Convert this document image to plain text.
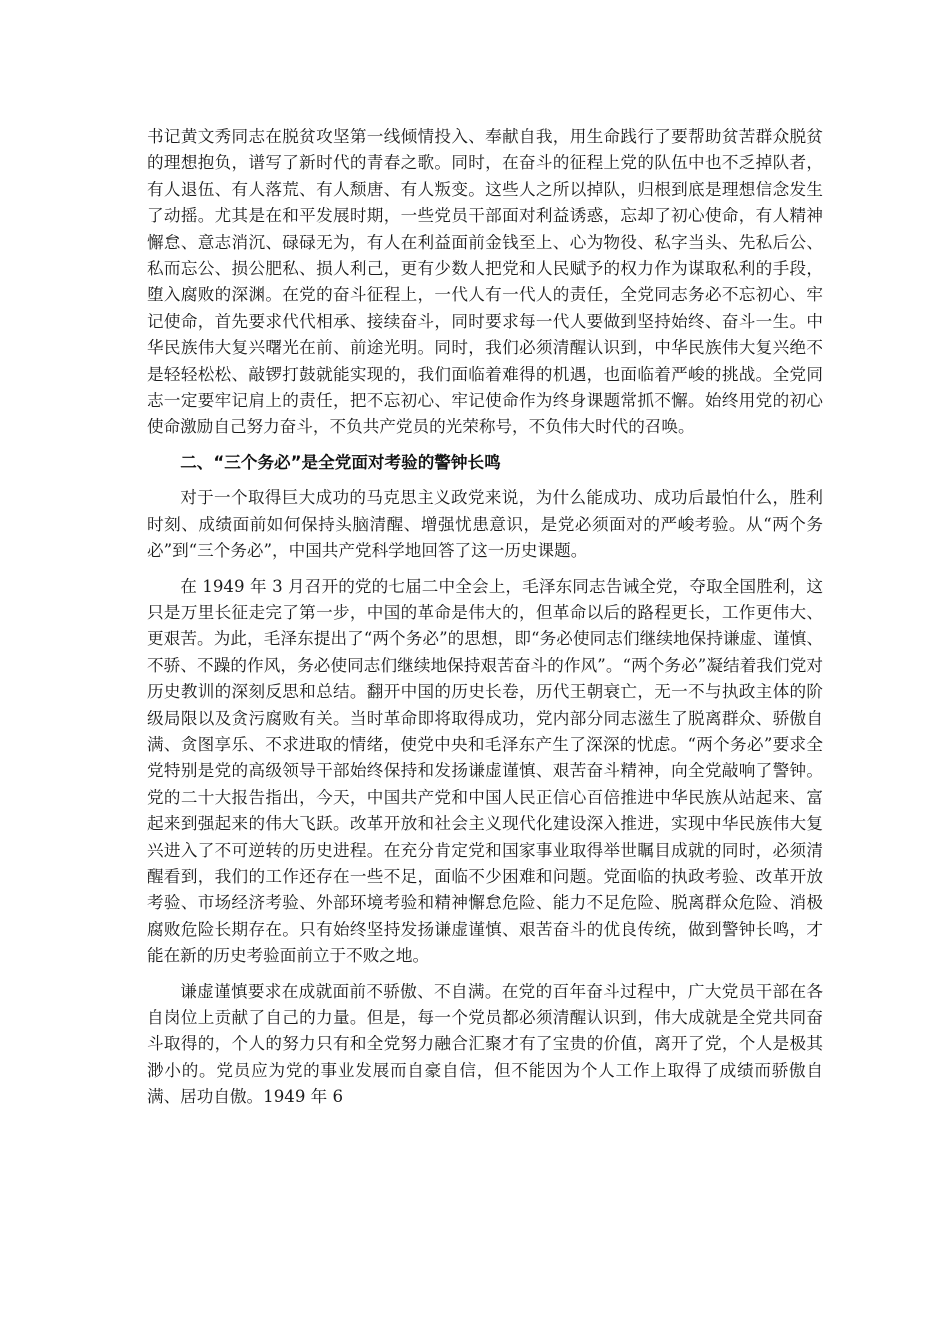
书记黄文秀同志在脱贫攻坚第一线倾情投入、奉献自我，用生命践行了要帮助贫苦群众脱贫的理想抱负，谱写了新时代的青春之歌。同时，在奋斗的征程上党的队伍中也不乏掉队者，有人退伍、有人落荒、有人颓唐、有人叛变。这些人之所以掉队，归根到底是理想信念发生了动摇。尤其是在和平发展时期，一些党员干部面对利益诱惑，忘却了初心使命，有人精神懈怠、意志消沉、碌碌无为，有人在利益面前金钱至上、心为物役、私字当头、先私后公、私而忘公、损公肥私、损人利己，更有少数人把党和人民赋予的权力作为谋取私利的手段，堕入腐败的深渊。在党的奋斗征程上，一代人有一代人的责任，全党同志务必不忘初心、牢记使命，首先要求代代相承、接续奋斗，同时要求每一代人要做到坚持始终、奋斗一生。中华民族伟大复兴曙光在前、前途光明。同时，我们必须清醒认识到，中华民族伟大复兴绝不是轻轻松松、敲锣打鼓就能实现的，我们面临着难得的机遇，也面临着严峻的挑战。全党同志一定要牢记肩上的责任，把不忘初心、牢记使命作为终身课题常抓不懈。始终用党的初心使命激励自己努力奋斗，不负共产党员的光荣称号，不负伟大时代的召唤。

二、“三个务必”是全党面对考验的警钟长鸣

对于一个取得巨大成功的马克思主义政党来说，为什么能成功、成功后最怕什么，胜利时刻、成绩面前如何保持头脑清醒、增强忧患意识，是党必须面对的严峻考验。从“两个务必”到“三个务必”，中国共产党科学地回答了这一历史课题。

在 1949 年 3 月召开的党的七届二中全会上，毛泽东同志告诫全党，夺取全国胜利，这只是万里长征走完了第一步，中国的革命是伟大的，但革命以后的路程更长，工作更伟大、更艰苦。为此，毛泽东提出了“两个务必”的思想，即“务必使同志们继续地保持谦虚、谨慎、不骄、不躁的作风，务必使同志们继续地保持艰苦奋斗的作风”。“两个务必”凝结着我们党对历史教训的深刻反思和总结。翻开中国的历史长卷，历代王朝衰亡，无一不与执政主体的阶级局限以及贪污腐败有关。当时革命即将取得成功，党内部分同志滋生了脱离群众、骄傲自满、贪图享乐、不求进取的情绪，使党中央和毛泽东产生了深深的忧虑。“两个务必”要求全党特别是党的高级领导干部始终保持和发扬谦虚谨慎、艰苦奋斗精神，向全党敲响了警钟。党的二十大报告指出，今天，中国共产党和中国人民正信心百倍推进中华民族从站起来、富起来到强起来的伟大飞跃。改革开放和社会主义现代化建设深入推进，实现中华民族伟大复兴进入了不可逆转的历史进程。在充分肯定党和国家事业取得举世瞩目成就的同时，必须清醒看到，我们的工作还存在一些不足，面临不少困难和问题。党面临的执政考验、改革开放考验、市场经济考验、外部环境考验和精神懈怠危险、能力不足危险、脱离群众危险、消极腐败危险长期存在。只有始终坚持发扬谦虚谨慎、艰苦奋斗的优良传统，做到警钟长鸣，才能在新的历史考验面前立于不败之地。

谦虚谨慎要求在成就面前不骄傲、不自满。在党的百年奋斗过程中，广大党员干部在各自岗位上贡献了自己的力量。但是，每一个党员都必须清醒认识到，伟大成就是全党共同奋斗取得的，个人的努力只有和全党努力融合汇聚才有了宝贵的价值，离开了党，个人是极其渺小的。党员应为党的事业发展而自豪自信，但不能因为个人工作上取得了成绩而骄傲自满、居功自傲。1949 年 6
